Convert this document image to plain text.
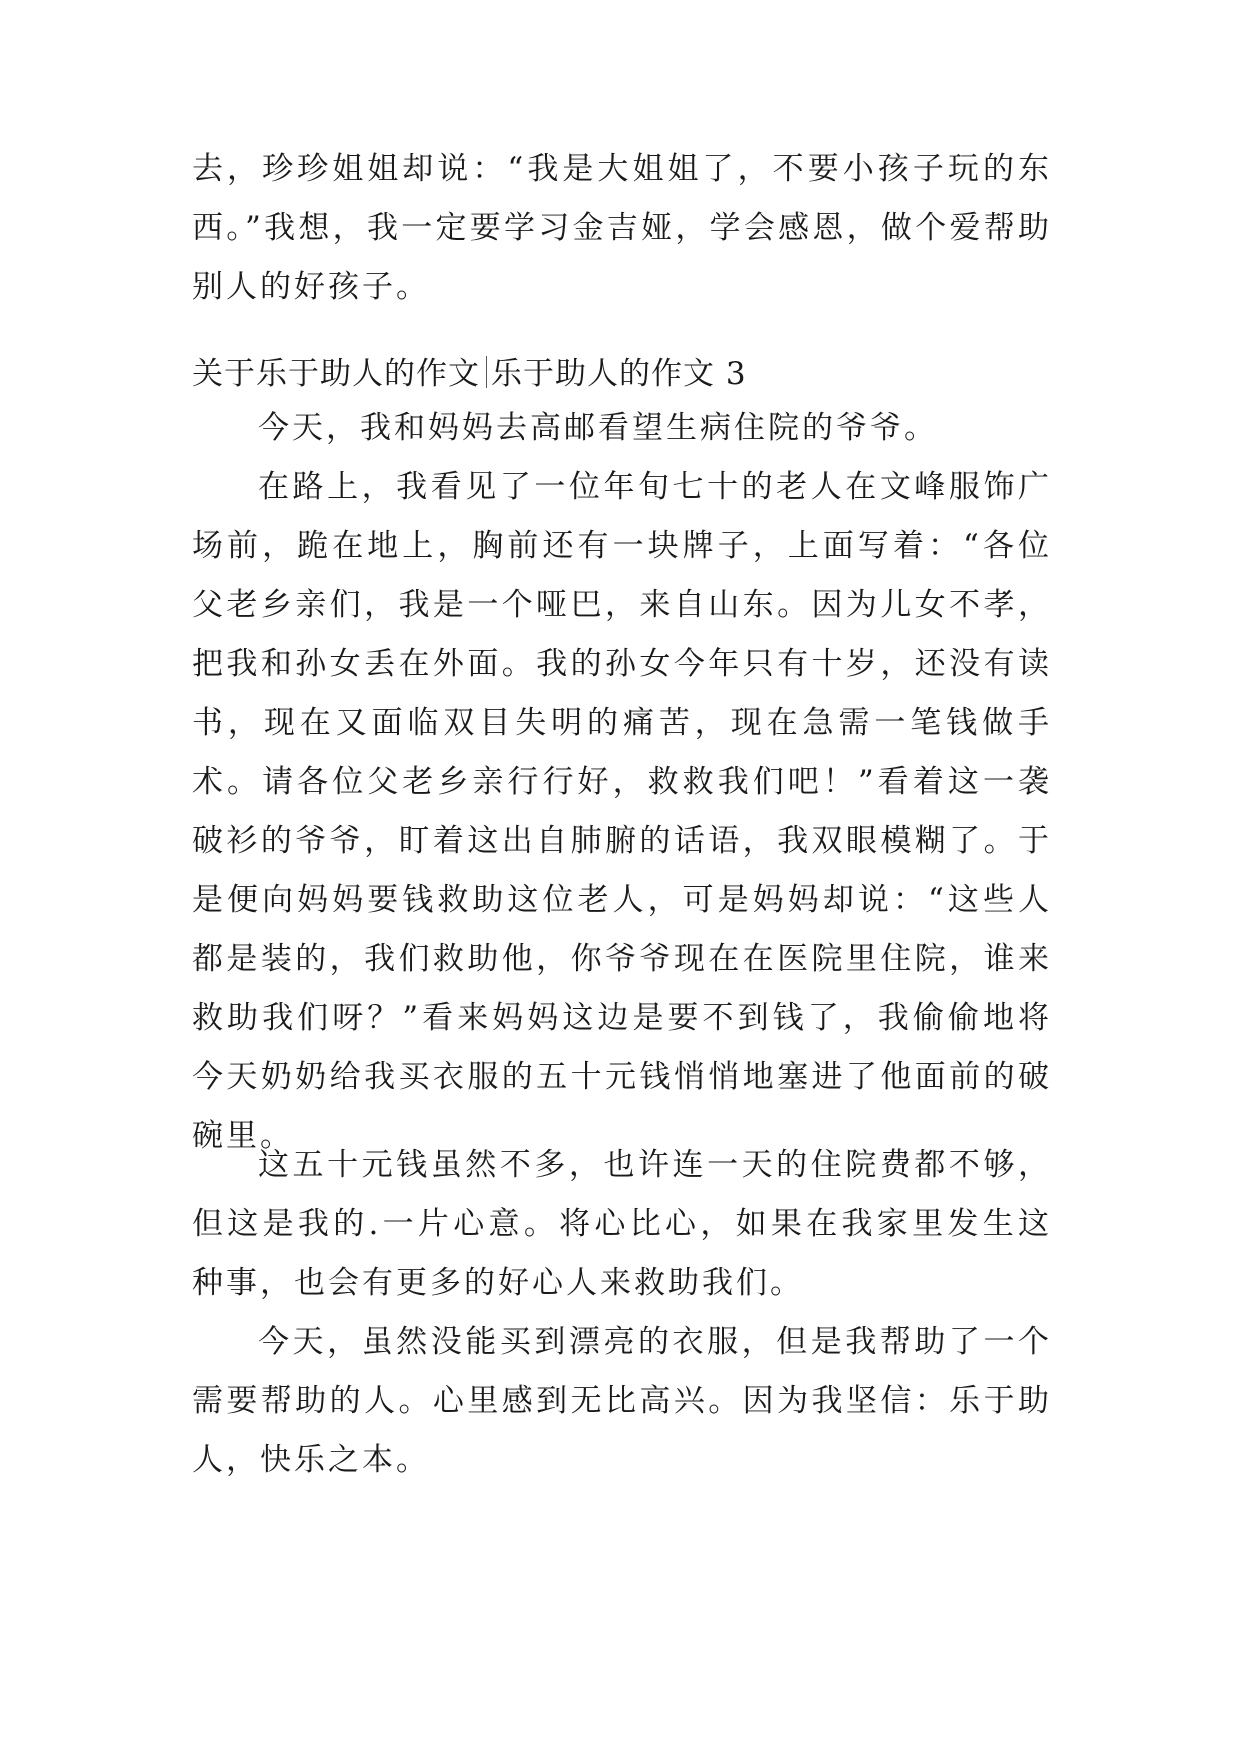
去，珍珍姐姐却说：“我是大姐姐了，不要小孩子玩的东西。”我想，我一定要学习金吉娅，学会感恩，做个爱帮助别人的好孩子。

关于乐于助人的作文 乐于助人的作文 3

今天，我和妈妈去高邮看望生病住院的爷爷。

在路上，我看见了一位年旬七十的老人在文峰服饰广场前，跪在地上，胸前还有一块牌子，上面写着：“各位父老乡亲们，我是一个哑巴，来自山东。因为儿女不孝，把我和孙女丢在外面。我的孙女今年只有十岁，还没有读书，现在又面临双目失明的痛苦，现在急需一笔钱做手术。请各位父老乡亲行行好，救救我们吧！”看着这一袭破衫的爷爷，盯着这出自肺腑的话语，我双眼模糊了。于是便向妈妈要钱救助这位老人，可是妈妈却说：“这些人都是装的，我们救助他，你爷爷现在在医院里住院，谁来救助我们呀？”看来妈妈这边是要不到钱了，我偷偷地将今天奶奶给我买衣服的五十元钱悄悄地塞进了他面前的破碗里。

这五十元钱虽然不多，也许连一天的住院费都不够，但这是我的.一片心意。将心比心，如果在我家里发生这种事，也会有更多的好心人来救助我们。

今天，虽然没能买到漂亮的衣服，但是我帮助了一个需要帮助的人。心里感到无比高兴。因为我坚信：乐于助人，快乐之本。
